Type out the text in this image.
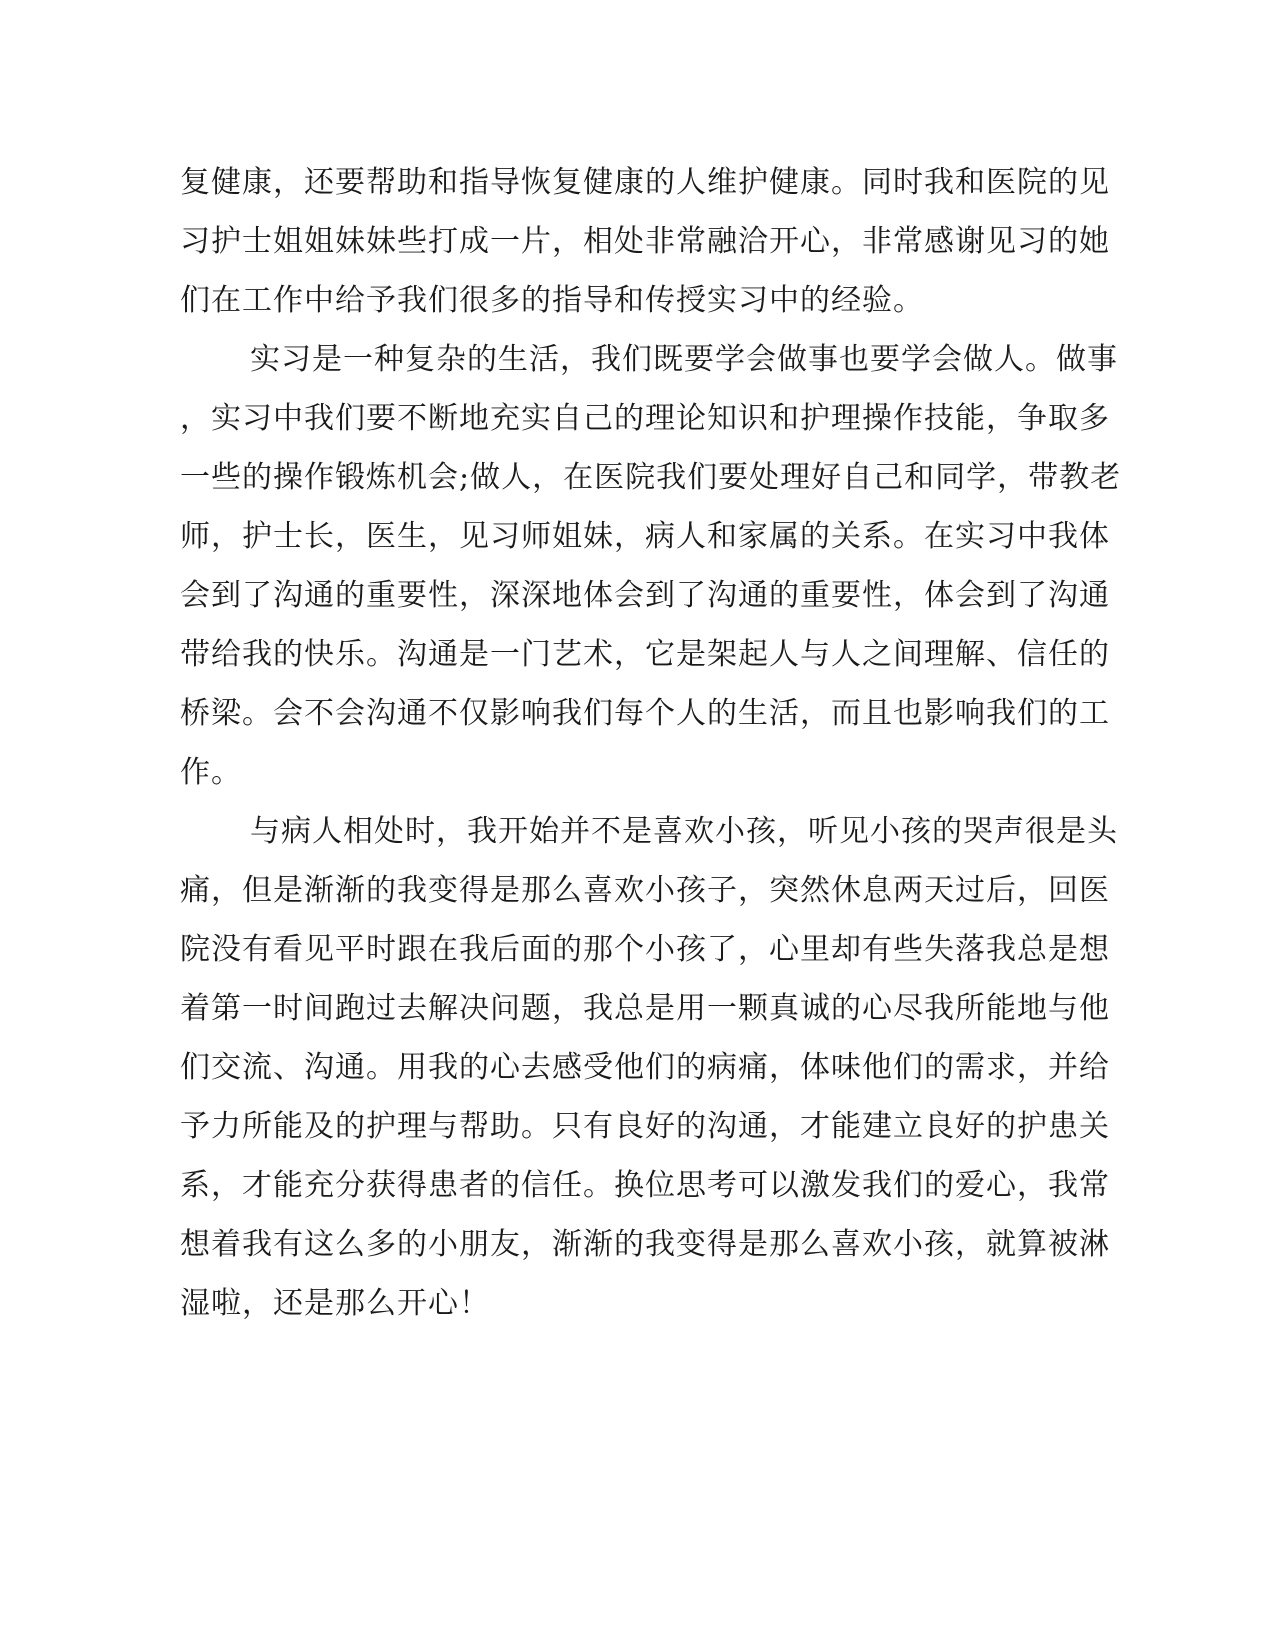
复健康，还要帮助和指导恢复健康的人维护健康。同时我和医院的见

习护士姐姐妹妹些打成一片，相处非常融洽开心，非常感谢见习的她

们在工作中给予我们很多的指导和传授实习中的经验。

实习是一种复杂的生活，我们既要学会做事也要学会做人。做事

，实习中我们要不断地充实自己的理论知识和护理操作技能，争取多

一些的操作锻炼机会;做人，在医院我们要处理好自己和同学，带教老

师，护士长，医生，见习师姐妹，病人和家属的关系。在实习中我体

会到了沟通的重要性，深深地体会到了沟通的重要性，体会到了沟通

带给我的快乐。沟通是一门艺术，它是架起人与人之间理解、信任的

桥梁。会不会沟通不仅影响我们每个人的生活，而且也影响我们的工

作。

与病人相处时，我开始并不是喜欢小孩，听见小孩的哭声很是头

痛，但是渐渐的我变得是那么喜欢小孩子，突然休息两天过后，回医

院没有看见平时跟在我后面的那个小孩了，心里却有些失落我总是想

着第一时间跑过去解决问题，我总是用一颗真诚的心尽我所能地与他

们交流、沟通。用我的心去感受他们的病痛，体味他们的需求，并给

予力所能及的护理与帮助。只有良好的沟通，才能建立良好的护患关

系，才能充分获得患者的信任。换位思考可以激发我们的爱心，我常

想着我有这么多的小朋友，渐渐的我变得是那么喜欢小孩，就算被淋

湿啦，还是那么开心！
